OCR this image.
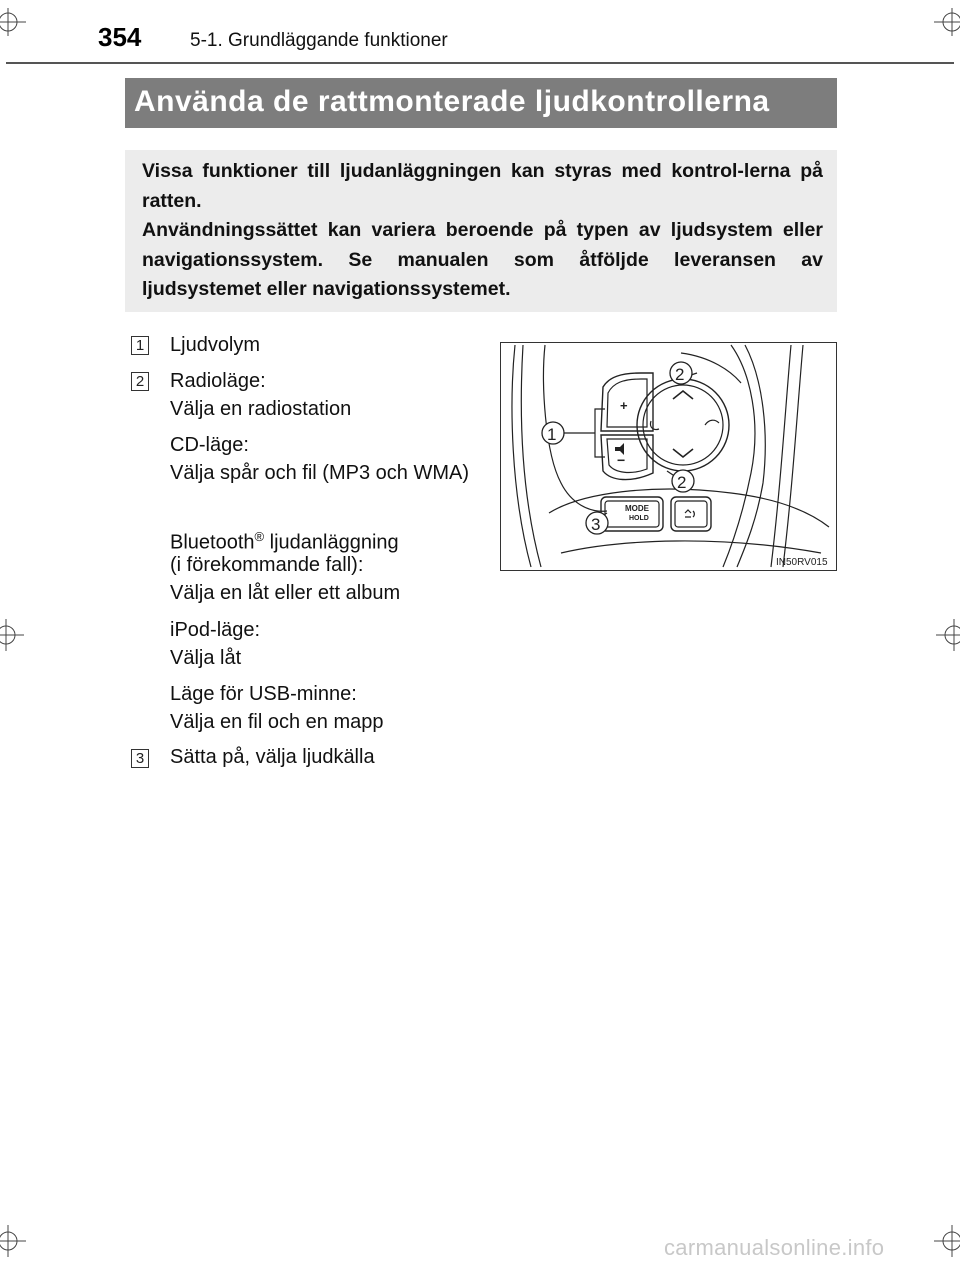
354	5-1. Grundläggande funktioner
Använda de rattmonterade ljudkontrollerna

Vissa funktioner till ljudanläggningen kan styras med kontrol-lerna på ratten.

Användningssättet kan variera beroende på typen av ljudsystem eller navigationssystem. Se manualen som åtföljde leveransen av ljudsystemet eller navigationssystemet.

1 Ljudvolym
2 Radioläge:
Välja en radiostation
CD-läge:
Välja spår och fil (MP3 och WMA)
Bluetooth® ljudanläggning
(i förekommande fall):
Välja en låt eller ett album
iPod-läge:
Välja låt
Läge för USB-minne:
Välja en fil och en mapp
3 Sätta på, välja ljudkälla
+
−
MODE
HOLD
1
2
2
3
IN50RV015
carmanualsonline.info
